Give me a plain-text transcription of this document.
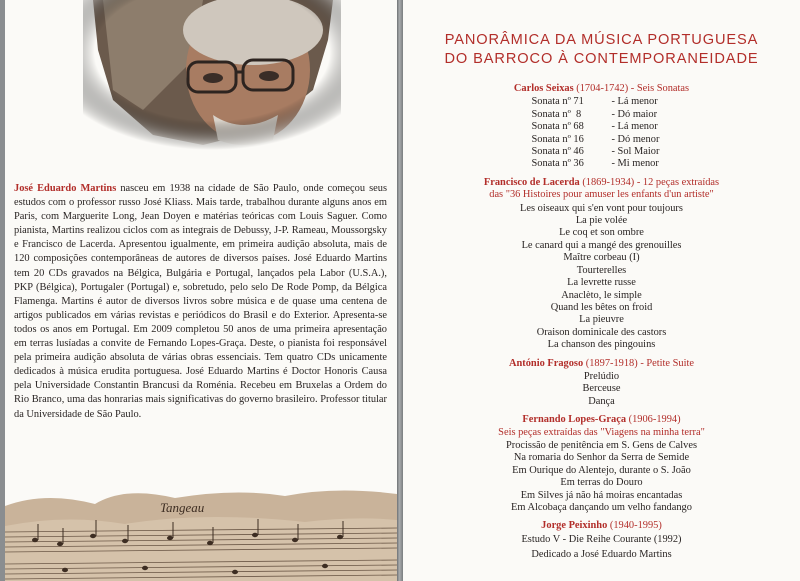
José Eduardo Martins nasceu em 1938 na cidade de São Paulo, onde começou seus estudos com o professor russo José Kliass. Mais tarde, trabalhou durante alguns anos em Paris, com Marguerite Long, Jean Doyen e matérias teóricas com Louis Saguer. Como pianista, Martins realizou ciclos com as integrais de Debussy, J-P. Rameau, Moussorgsky e Francisco de Lacerda. Apresentou igualmente, em primeira audição absoluta, mais de 120 composições contemporâneas de autores de diversos países. José Eduardo Martins tem 20 CDs gravados na Bélgica, Bulgária e Portugal, lançados pela Labor (U.S.A.), PKP (Bélgica), Portugaler (Portugal) e, sobretudo, pelo selo De Rode Pomp, da Bélgica Flamenga. Martins é autor de diversos livros sobre música e de quase uma centena de artigos publicados em várias revistas e periódicos do Brasil e do Exterior. Apresenta-se todos os anos em Portugal. Em 2009 completou 50 anos de uma primeira apresentação em terras lusíadas a convite de Fernando Lopes-Graça. Deste, o pianista foi responsável pela primeira audição absoluta de várias obras essenciais. Tem quatro CDs unicamente dedicados à música erudita portuguesa. José Eduardo Martins é Doctor Honoris Causa pela Universidade Constantin Brancusi da Roménia. Recebeu em Bruxelas a Ordem do Rio Branco, uma das honrarias mais significativas do governo brasileiro. Professor titular da Universidade de São Paulo.
Tangeau
PANORÂMICA DA MÚSICA PORTUGUESA
DO BARROCO À CONTEMPORANEIDADE
Carlos Seixas (1704-1742) - Seis Sonatas
Sonata nº 71	- Lá menor
Sonata nº  8	- Dó maior
Sonata nº 68	- Lá menor
Sonata nº 16	- Dó menor
Sonata nº 46	- Sol Maior
Sonata nº 36	- Mi menor
Francisco de Lacerda (1869-1934) - 12 peças extraídas
das "36 Histoires pour amuser les enfants d'un artiste"
Les oiseaux qui s'en vont pour toujours
La pie volée
Le coq et son ombre
Le canard qui a mangé des grenouilles
Maître corbeau (I)
Tourterelles
La levrette russe
Anaclèto, le simple
Quand les bêtes on froid
La pieuvre
Oraison dominicale des castors
La chanson des pingouins
António Fragoso (1897-1918) - Petite Suite
Prelúdio
Berceuse
Dança
Fernando Lopes-Graça (1906-1994)
Seis peças extraídas das "Viagens na minha terra"
Procissão de penitência em S. Gens de Calves
Na romaria do Senhor da Serra de Semide
Em Ourique do Alentejo, durante o S. João
Em terras do Douro
Em Silves já não há moiras encantadas
Em Alcobaça dançando um velho fandango
Jorge Peixinho (1940-1995)
Estudo V - Die Reihe Courante (1992)
Dedicado a José Eduardo Martins
